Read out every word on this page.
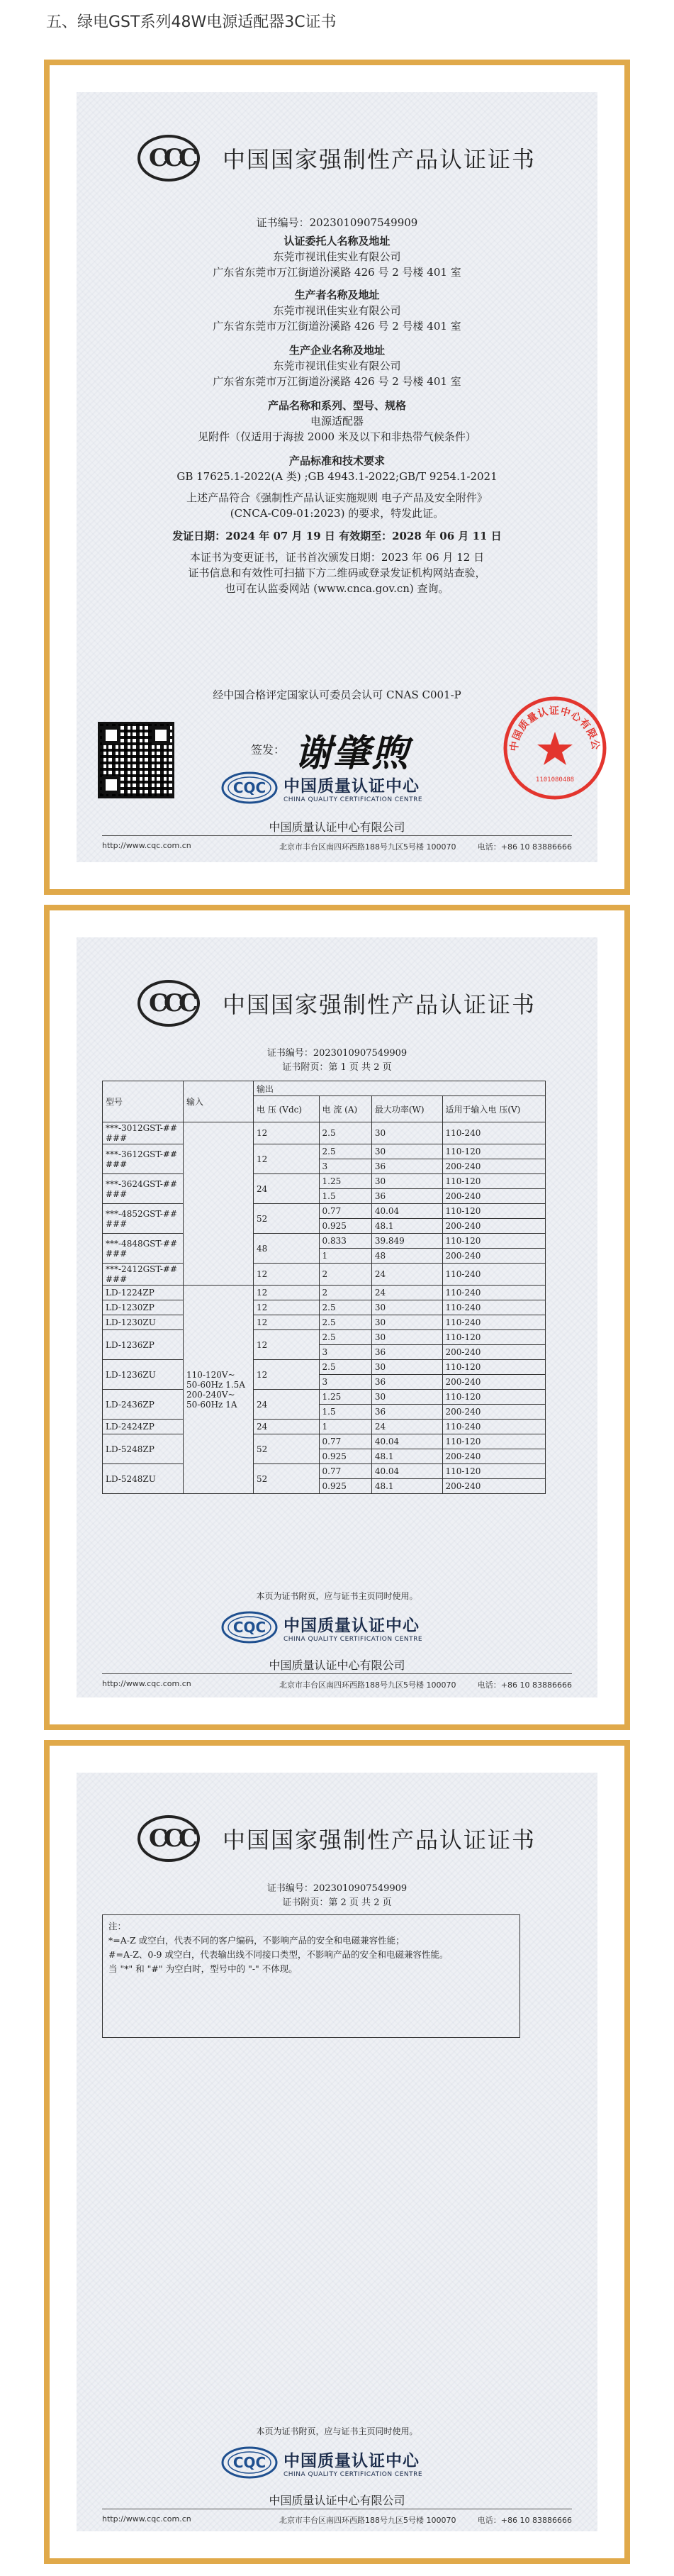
五、绿电GST系列48W电源适配器3C证书
CCC 中国国家强制性产品认证证书
证书编号：2023010907549909
认证委托人名称及地址
东莞市视讯佳实业有限公司
广东省东莞市万江街道汾溪路 426 号 2 号楼 401 室
生产者名称及地址
东莞市视讯佳实业有限公司
广东省东莞市万江街道汾溪路 426 号 2 号楼 401 室
生产企业名称及地址
东莞市视讯佳实业有限公司
广东省东莞市万江街道汾溪路 426 号 2 号楼 401 室
产品名称和系列、型号、规格
电源适配器
见附件（仅适用于海拔 2000 米及以下和非热带气候条件）
产品标准和技术要求
GB 17625.1-2022(A 类) ;GB 4943.1-2022;GB/T 9254.1-2021
上述产品符合《强制性产品认证实施规则 电子产品及安全附件》
(CNCA-C09-01:2023) 的要求，特发此证。
发证日期：2024 年 07 月 19 日 有效期至：2028 年 06 月 11 日
本证书为变更证书，证书首次颁发日期：2023 年 06 月 12 日
证书信息和有效性可扫描下方二维码或登录发证机构网站查验，
也可在认监委网站 (www.cnca.gov.cn) 查询。
经中国合格评定国家认可委员会认可 CNAS C001-P
签发： 谢肇煦	中国质量认证中心有限公
1101080488
CQC 中国质量认证中心
CHINA QUALITY CERTIFICATION CENTRE
中国质量认证中心有限公司
http://www.cqc.com.cn	北京市丰台区南四环西路188号九区5号楼 100070	电话：+86 10 83886666
CCC 中国国家强制性产品认证证书
证书编号：2023010907549909
证书附页：第 1 页 共 2 页
型号	输入	输出			
		电 压 (Vdc)	电 流 (A)	最大功率(W)	适用于输入电 压(V)
***-3012GST-## ###		12	2.5	30	110-240
***-3612GST-## ###		12	2.5	30	110-120
			3	36	200-240
***-3624GST-## ###		24	1.25	30	110-120
			1.5	36	200-240
***-4852GST-## ###		52	0.77	40.04	110-120
			0.925	48.1	200-240
***-4848GST-## ###		48	0.833	39.849	110-120
			1	48	200-240
***-2412GST-## ###		12	2	24	110-240
LD-1224ZP	110-120V~ 50-60Hz 1.5A 200-240V~ 50-60Hz 1A	12	2	24	110-240
LD-1230ZP		12	2.5	30	110-240
LD-1230ZU		12	2.5	30	110-240
LD-1236ZP		12	2.5	30	110-120
			3	36	200-240
LD-1236ZU		12	2.5	30	110-120
			3	36	200-240
LD-2436ZP		24	1.25	30	110-120
			1.5	36	200-240
LD-2424ZP		24	1	24	110-240
LD-5248ZP		52	0.77	40.04	110-120
			0.925	48.1	200-240
LD-5248ZU		52	0.77	40.04	110-120
			0.925	48.1	200-240
本页为证书附页，应与证书主页同时使用。
CQC 中国质量认证中心
CHINA QUALITY CERTIFICATION CENTRE
中国质量认证中心有限公司
http://www.cqc.com.cn	北京市丰台区南四环西路188号九区5号楼 100070	电话：+86 10 83886666
CCC 中国国家强制性产品认证证书
证书编号：2023010907549909
证书附页：第 2 页 共 2 页
注：
*=A-Z 或空白，代表不同的客户编码，不影响产品的安全和电磁兼容性能；
#=A-Z、0-9 或空白，代表输出线不同接口类型，不影响产品的安全和电磁兼容性能。
当 "*" 和 "#" 为空白时，型号中的 "-" 不体现。
本页为证书附页，应与证书主页同时使用。
CQC 中国质量认证中心
CHINA QUALITY CERTIFICATION CENTRE
中国质量认证中心有限公司
http://www.cqc.com.cn	北京市丰台区南四环西路188号九区5号楼 100070	电话：+86 10 83886666
